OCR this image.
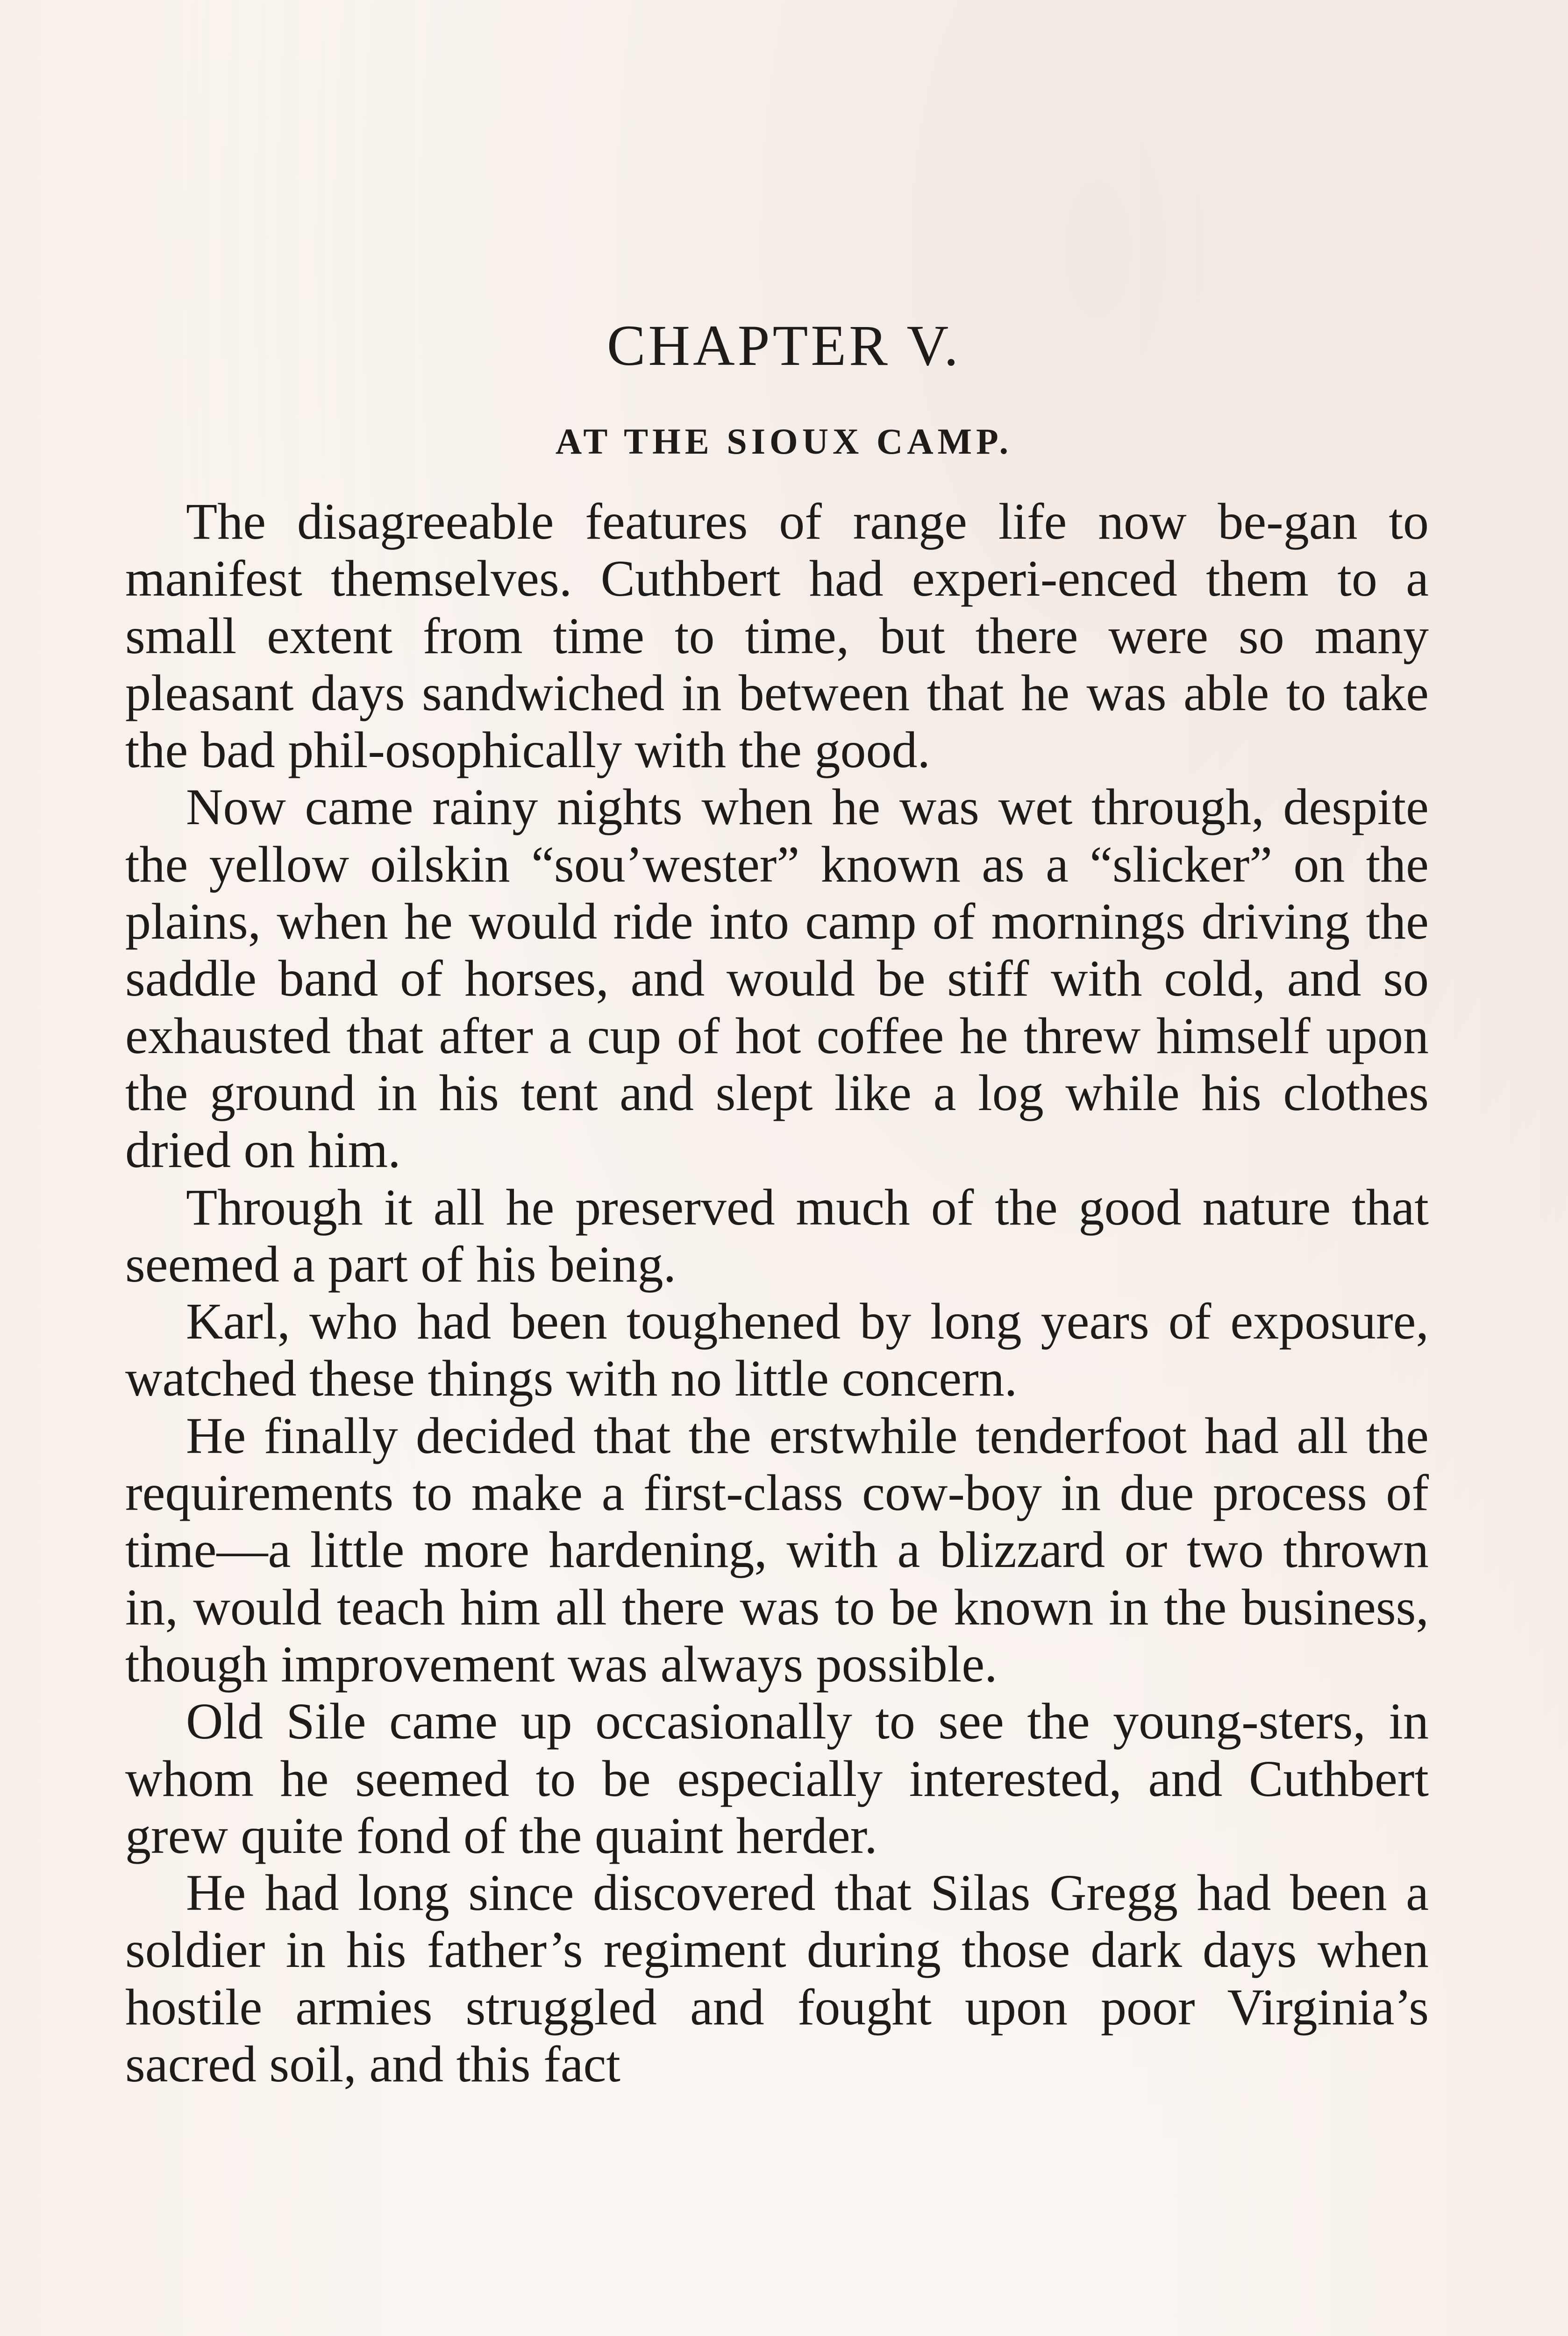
CHAPTER V.
AT THE SIOUX CAMP.

The disagreeable features of range life now be-gan to manifest themselves. Cuthbert had experi-enced them to a small extent from time to time, but there were so many pleasant days sandwiched in between that he was able to take the bad phil-osophically with the good.

Now came rainy nights when he was wet through, despite the yellow oilskin “sou’wester” known as a “slicker” on the plains, when he would ride into camp of mornings driving the saddle band of horses, and would be stiff with cold, and so exhausted that after a cup of hot coffee he threw himself upon the ground in his tent and slept like a log while his clothes dried on him.

Through it all he preserved much of the good nature that seemed a part of his being.

Karl, who had been toughened by long years of exposure, watched these things with no little concern.

He finally decided that the erstwhile tenderfoot had all the requirements to make a first-class cow-boy in due process of time—a little more hardening, with a blizzard or two thrown in, would teach him all there was to be known in the business, though improvement was always possible.

Old Sile came up occasionally to see the young-sters, in whom he seemed to be especially interested, and Cuthbert grew quite fond of the quaint herder.

He had long since discovered that Silas Gregg had been a soldier in his father’s regiment during those dark days when hostile armies struggled and fought upon poor Virginia’s sacred soil, and this fact
